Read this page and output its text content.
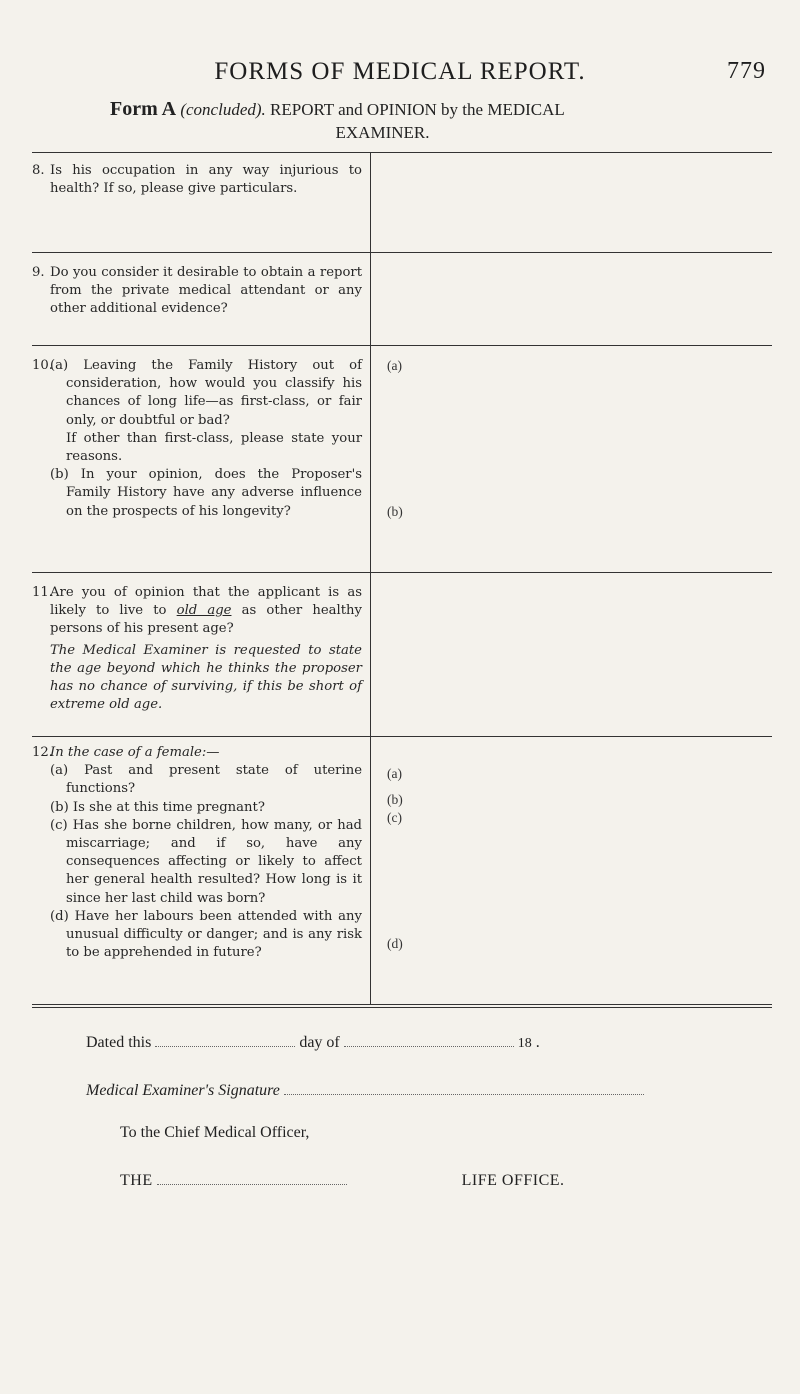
FORMS OF MEDICAL REPORT.	779
Form A (concluded). REPORT and OPINION by the MEDICAL
EXAMINER.
8. Is his occupation in any way injurious to health? If so, please give particulars.
9. Do you consider it desirable to obtain a report from the private medical attendant or any other additional evidence?
10.
(a) Leaving the Family History out of consideration, how would you classify his chances of long life—as first-class, or fair only, or doubtful or bad?
If other than first-class, please state your reasons.
(b) In your opinion, does the Proposer's Family History have any adverse influence on the prospects of his longevity?
(a)
(b)
11.
Are you of opinion that the applicant is as likely to live to old age as other healthy persons of his present age?
The Medical Examiner is requested to state the age beyond which he thinks the proposer has no chance of surviving, if this be short of extreme old age.
12.
In the case of a female:—
(a) Past and present state of uterine functions?
(b) Is she at this time pregnant?
(c) Has she borne children, how many, or had miscarriage; and if so, have any consequences affecting or likely to affect her general health resulted? How long is it since her last child was born?
(d) Have her labours been attended with any unusual difficulty or danger; and is any risk to be apprehended in future?
(a)
(b)
(c)
(d)
Dated this	day of	18 .
Medical Examiner's Signature
To the Chief Medical Officer,
THE	LIFE OFFICE.
